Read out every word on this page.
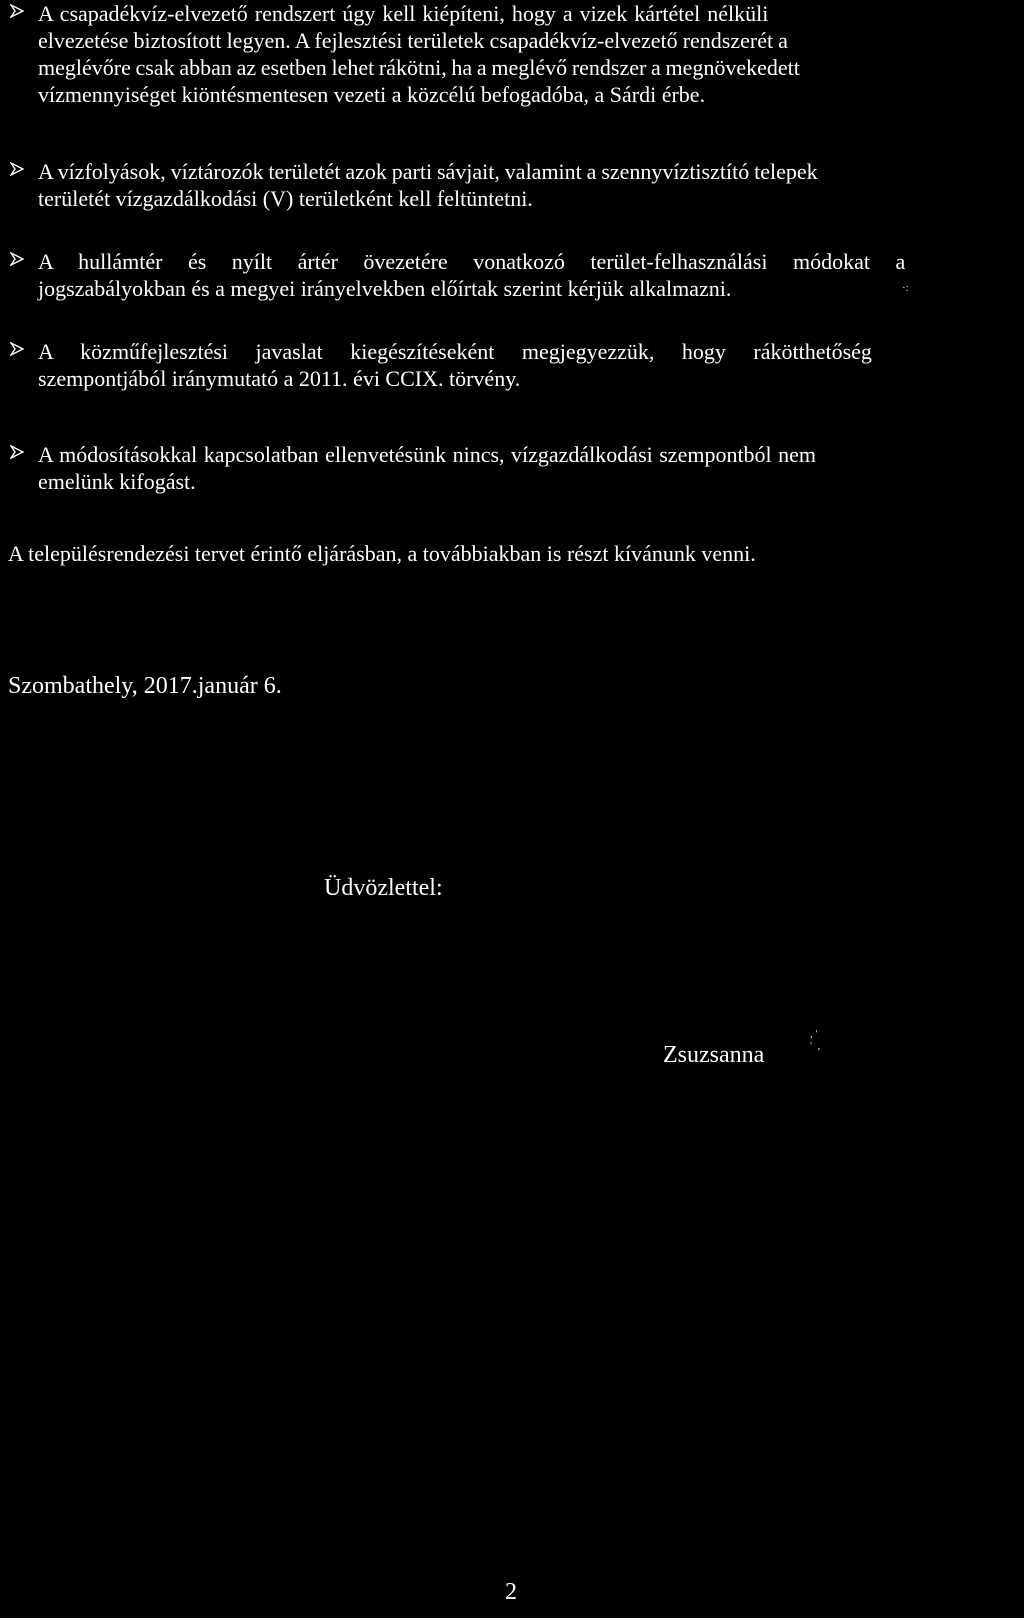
A csapadékvíz-elvezető rendszert úgy kell kiépíteni, hogy a vizek kártétel nélküli
elvezetése biztosított legyen. A fejlesztési területek csapadékvíz-elvezető rendszerét a
meglévőre csak abban az esetben lehet rákötni, ha a meglévő rendszer a megnövekedett
vízmennyiséget kiöntésmentesen vezeti a közcélú befogadóba, a Sárdi érbe.
A vízfolyások, víztározók területét azok parti sávjait, valamint a szennyvíztisztító telepek
területét vízgazdálkodási (V) területként kell feltüntetni.
A hullámtér és nyílt ártér övezetére vonatkozó terület-felhasználási módokat a
jogszabályokban és a megyei irányelvekben előírtak szerint kérjük alkalmazni.	·:
A közműfejlesztési javaslat kiegészítéseként megjegyezzük, hogy rákötthetőség
szempontjából iránymutató a 2011. évi CCIX. törvény.
A módosításokkal kapcsolatban ellenvetésünk nincs, vízgazdálkodási szempontból nem
emelünk kifogást.
A településrendezési tervet érintő eljárásban, a továbbiakban is részt kívánunk venni.
Szombathely, 2017.január 6.
Üdvözlettel:
Zsuzsanna
, '
'  ,
2
